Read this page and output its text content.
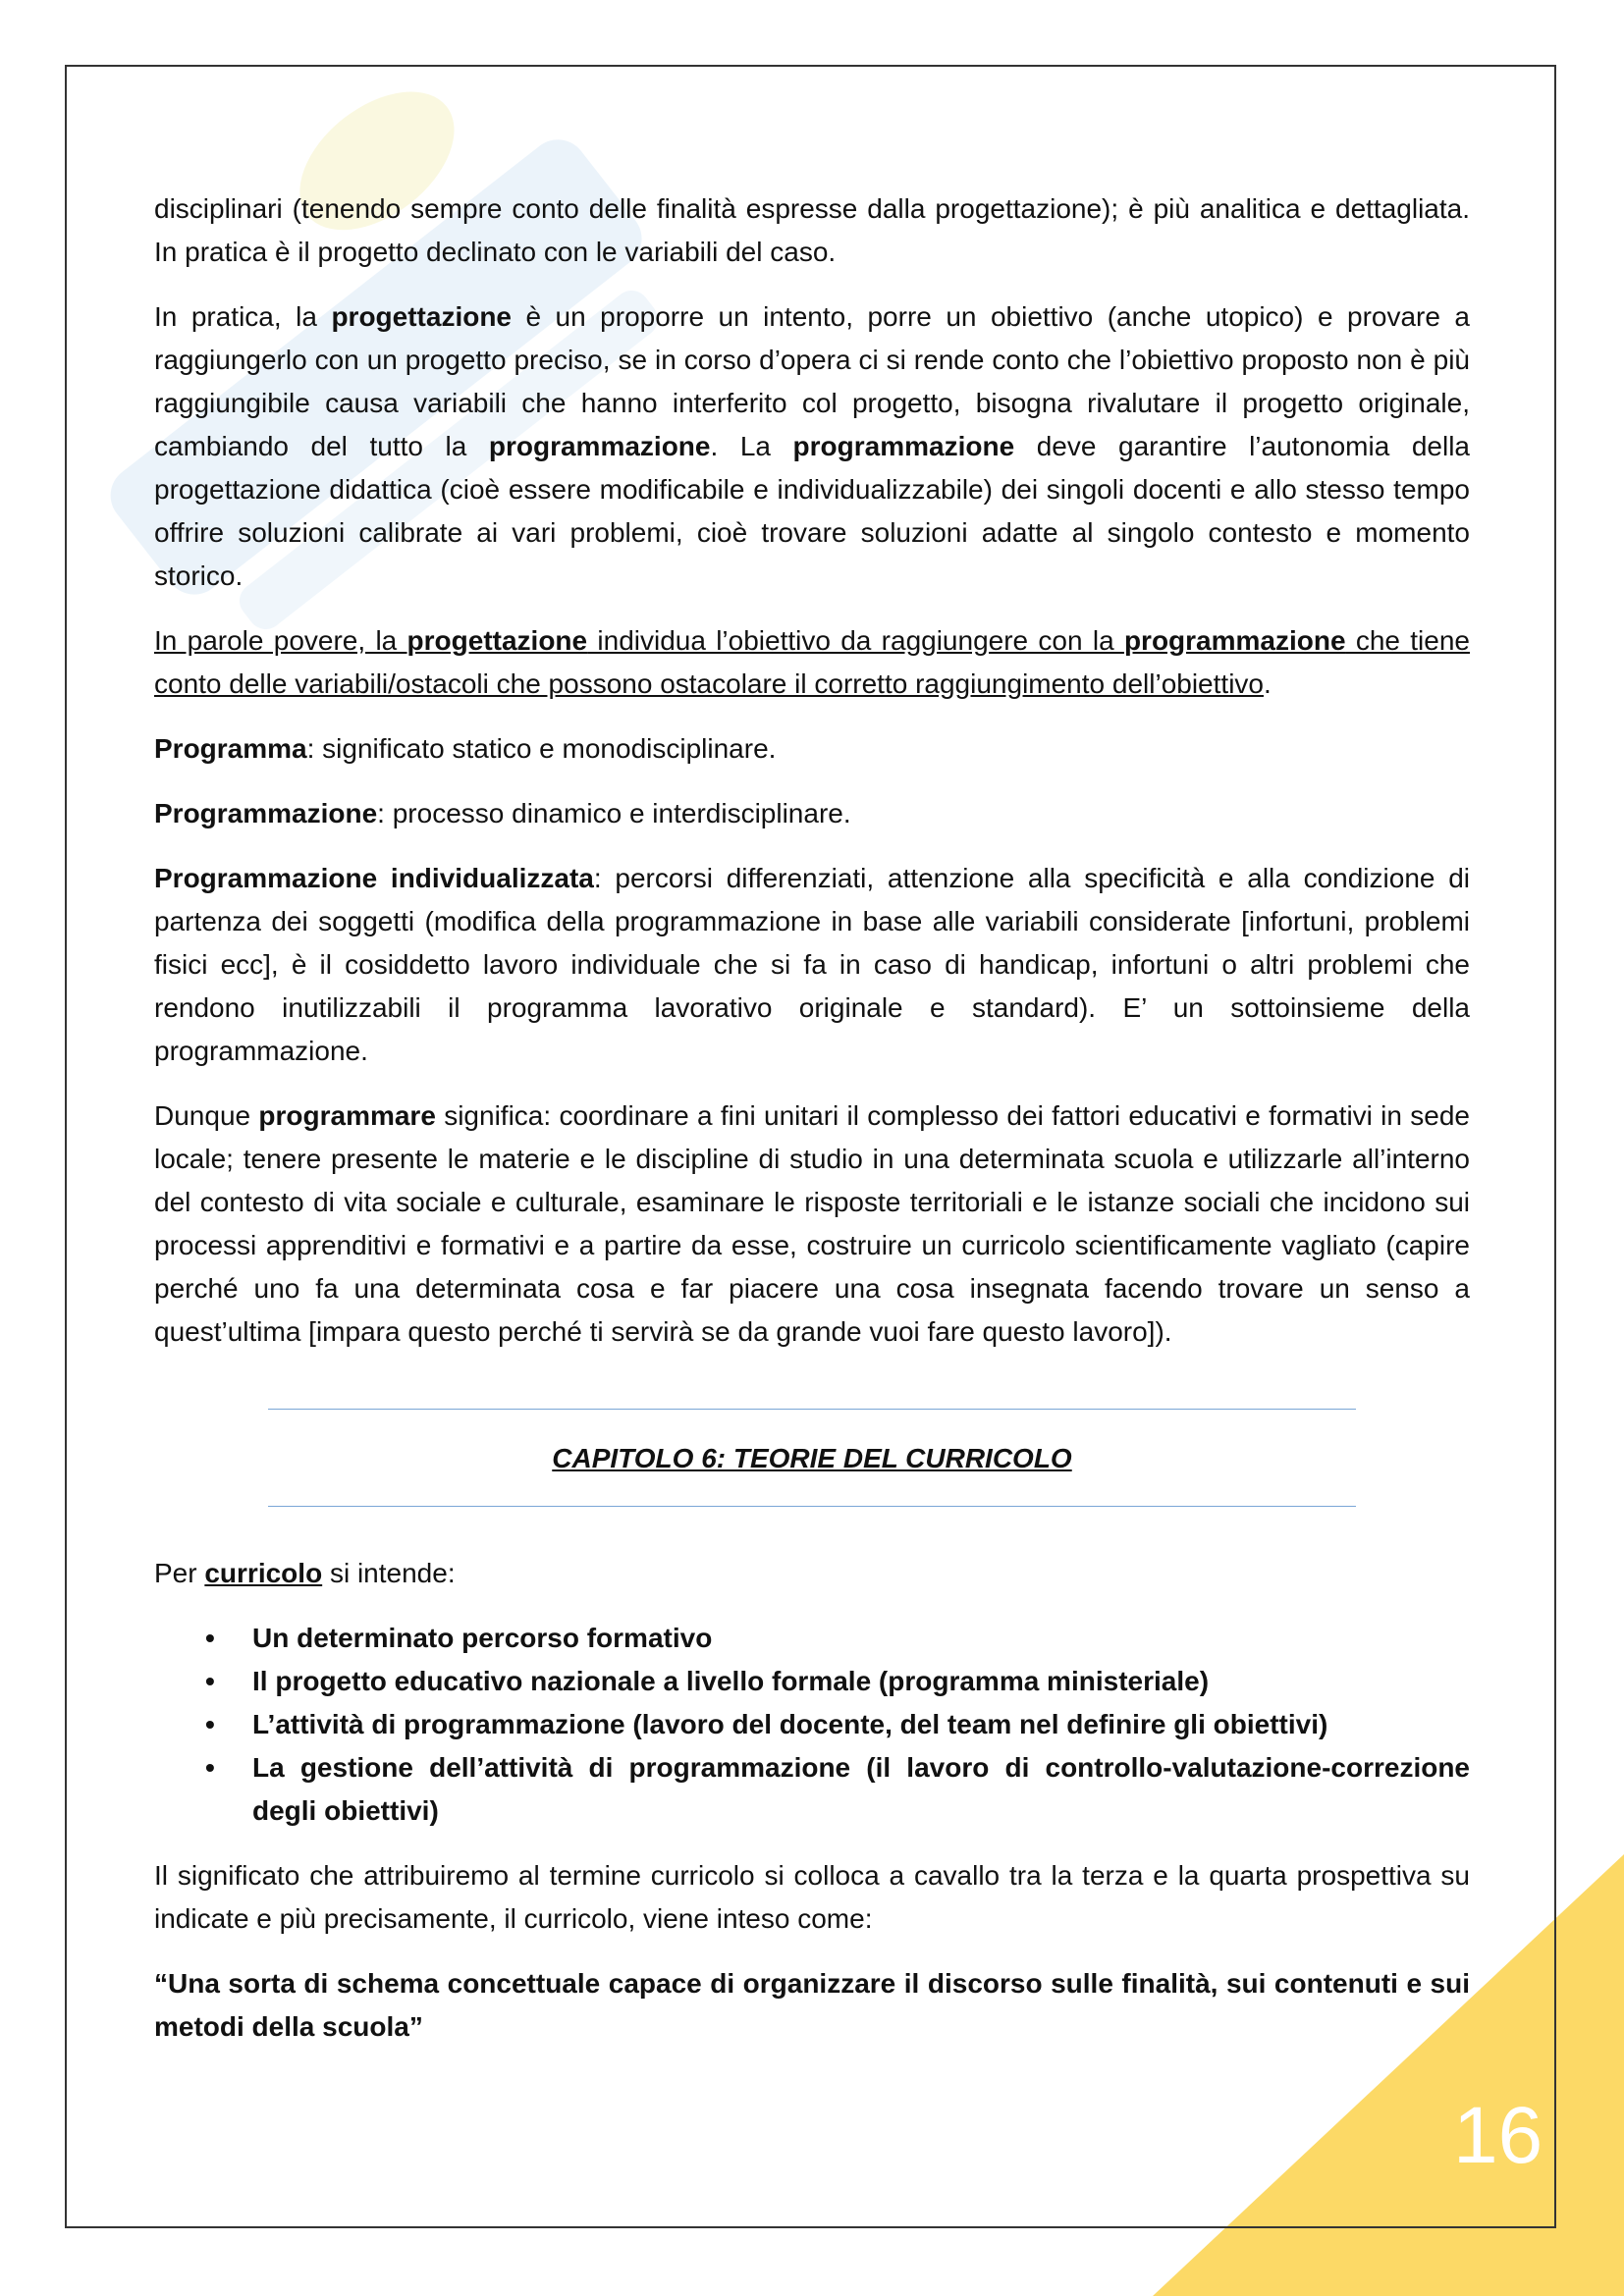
disciplinari (tenendo sempre conto delle finalità espresse dalla progettazione); è più analitica e dettagliata. In pratica è il progetto declinato con le variabili del caso.

In pratica, la progettazione è un proporre un intento, porre un obiettivo (anche utopico) e provare a raggiungerlo con un progetto preciso, se in corso d’opera ci si rende conto che l’obiettivo proposto non è più raggiungibile causa variabili che hanno interferito col progetto, bisogna rivalutare il progetto originale, cambiando del tutto la programmazione. La programmazione deve garantire l’autonomia della progettazione didattica (cioè essere modificabile e individualizzabile) dei singoli docenti e allo stesso tempo offrire soluzioni calibrate ai vari problemi, cioè trovare soluzioni adatte al singolo contesto e momento storico.

In parole povere, la progettazione individua l’obiettivo da raggiungere con la programmazione che tiene conto delle variabili/ostacoli che possono ostacolare il corretto raggiungimento dell’obiettivo.

Programma: significato statico e monodisciplinare.

Programmazione: processo dinamico e interdisciplinare.

Programmazione individualizzata: percorsi differenziati, attenzione alla specificità e alla condizione di partenza dei soggetti (modifica della programmazione in base alle variabili considerate [infortuni, problemi fisici ecc], è il cosiddetto lavoro individuale che si fa in caso di handicap, infortuni o altri problemi che rendono inutilizzabili il programma lavorativo originale e standard). E’ un sottoinsieme della programmazione.

Dunque programmare significa: coordinare a fini unitari il complesso dei fattori educativi e formativi in sede locale; tenere presente le materie e le discipline di studio in una determinata scuola e utilizzarle all’interno del contesto di vita sociale e culturale, esaminare le risposte territoriali e le istanze sociali che incidono sui processi apprenditivi e formativi e a partire da esse, costruire un curricolo scientificamente vagliato (capire perché uno fa una determinata cosa e far piacere una cosa insegnata facendo trovare un senso a quest’ultima [impara questo perché ti servirà se da grande vuoi fare questo lavoro]).

CAPITOLO 6: TEORIE DEL CURRICOLO

Per curricolo si intende:

• Un determinato percorso formativo
• Il progetto educativo nazionale a livello formale (programma ministeriale)
• L’attività di programmazione (lavoro del docente, del team nel definire gli obiettivi)
• La gestione dell’attività di programmazione (il lavoro di controllo-valutazione-correzione degli obiettivi)

Il significato che attribuiremo al termine curricolo si colloca a cavallo tra la terza e la quarta prospettiva su indicate e più precisamente, il curricolo, viene inteso come:

“Una sorta di schema concettuale capace di organizzare il discorso sulle finalità, sui contenuti e sui metodi della scuola”

16
